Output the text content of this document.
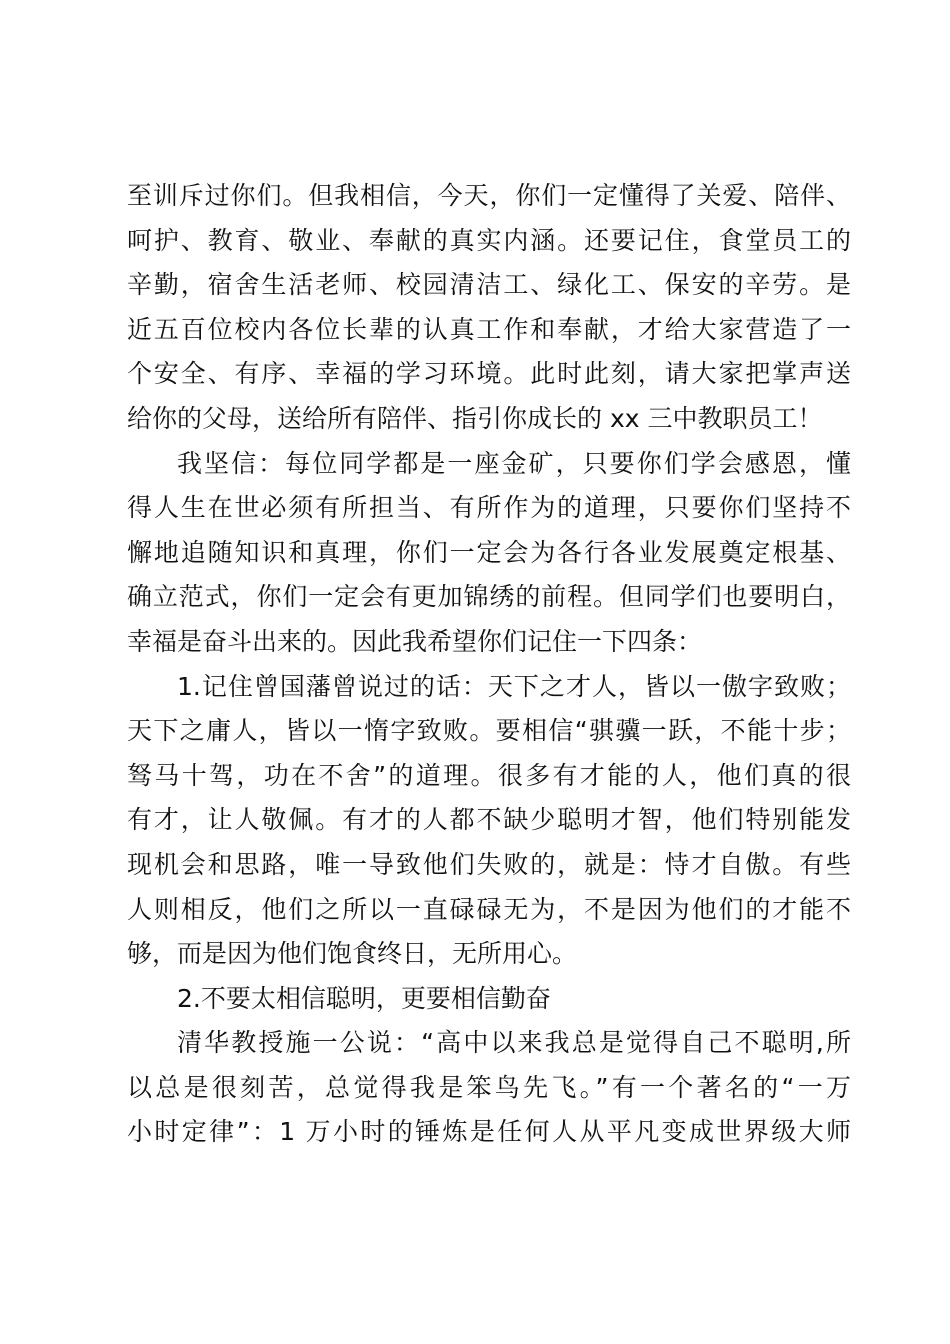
至训斥过你们。但我相信，今天，你们一定懂得了关爱、陪伴、
呵护、教育、敬业、奉献的真实内涵。还要记住，食堂员工的
辛勤，宿舍生活老师、校园清洁工、绿化工、保安的辛劳。是
近五百位校内各位长辈的认真工作和奉献，才给大家营造了一
个安全、有序、幸福的学习环境。此时此刻，请大家把掌声送
给你的父母，送给所有陪伴、指引你成长的 xx 三中教职员工！
我坚信：每位同学都是一座金矿，只要你们学会感恩，懂
得人生在世必须有所担当、有所作为的道理，只要你们坚持不
懈地追随知识和真理，你们一定会为各行各业发展奠定根基、
确立范式，你们一定会有更加锦绣的前程。但同学们也要明白，
幸福是奋斗出来的。因此我希望你们记住一下四条：
1.记住曾国藩曾说过的话：天下之才人，皆以一傲字致败；
天下之庸人，皆以一惰字致败。要相信“骐骥一跃，不能十步；
驽马十驾，功在不舍”的道理。很多有才能的人，他们真的很
有才，让人敬佩。有才的人都不缺少聪明才智，他们特别能发
现机会和思路，唯一导致他们失败的，就是：恃才自傲。有些
人则相反，他们之所以一直碌碌无为，不是因为他们的才能不
够，而是因为他们饱食终日，无所用心。
2.不要太相信聪明，更要相信勤奋
清华教授施一公说：“高中以来我总是觉得自己不聪明,所
以总是很刻苦，总觉得我是笨鸟先飞。”有一个著名的“一万
小时定律”：1 万小时的锤炼是任何人从平凡变成世界级大师
